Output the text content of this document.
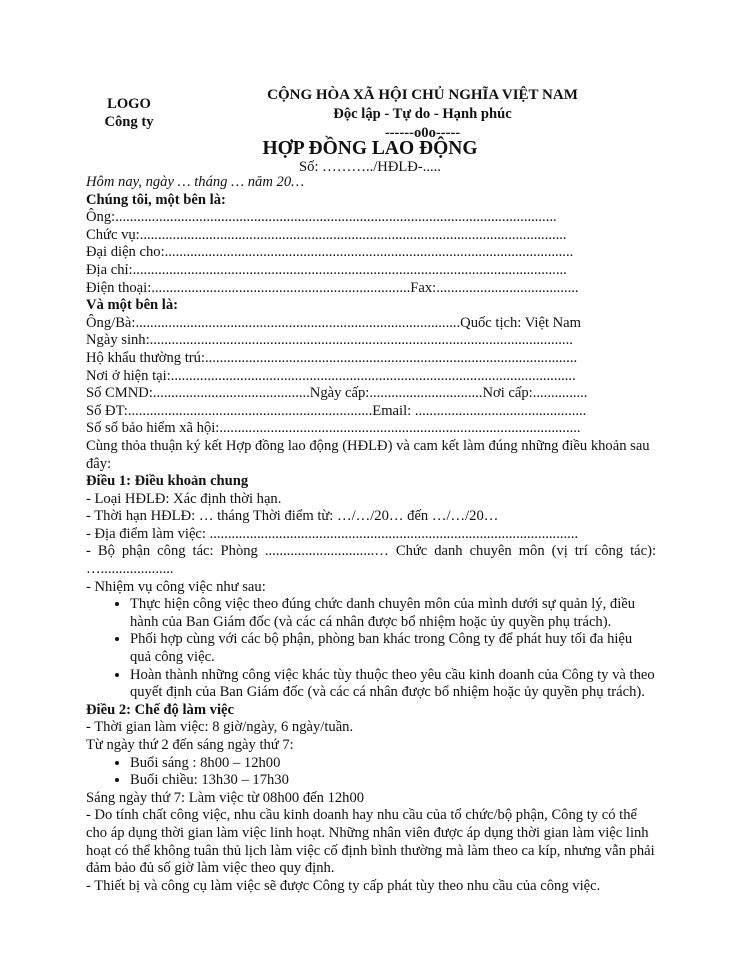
LOGO
Công ty
CỘNG HÒA XÃ HỘI CHỦ NGHĨA VIỆT NAM
Độc lập - Tự do - Hạnh phúc
------o0o-----
HỢP ĐỒNG LAO ĐỘNG
Số: ………../HĐLĐ-.....
Hôm nay, ngày … tháng … năm 20…
Chúng tôi, một bên là:
Ông:.........................................................................................................................
Chức vụ:.....................................................................................................................
Đại diện cho:................................................................................................................
Địa chỉ:.......................................................................................................................
Điện thoại:.......................................................................Fax:.......................................
Và một bên là:
Ông/Bà:.........................................................................................Quốc tịch: Việt Nam
Ngày sinh:....................................................................................................................
Hộ khẩu thường trú:......................................................................................................
Nơi ở hiện tại:...............................................................................................................
Số CMND:...........................................Ngày cấp:...............................Nơi cấp:...............
Số ĐT:...................................................................Email: ...............................................
Số sổ bảo hiểm xã hội:...................................................................................................
Cùng thỏa thuận ký kết Hợp đồng lao động (HĐLĐ) và cam kết làm đúng những điều khoản sau đây:
Điều 1: Điều khoản chung
- Loại HĐLĐ: Xác định thời hạn.
- Thời hạn HĐLĐ: … tháng Thời điểm từ: …/…/20… đến …/…/20…
- Địa điểm làm việc: .....................................................................................................
- Bộ phận công tác: Phòng ..............................… Chức danh chuyên môn (vị trí công tác): …....................
- Nhiệm vụ công việc như sau:
• Thực hiện công việc theo đúng chức danh chuyên môn của mình dưới sự quản lý, điều hành của Ban Giám đốc (và các cá nhân được bổ nhiệm hoặc ủy quyền phụ trách).
• Phối hợp cùng với các bộ phận, phòng ban khác trong Công ty để phát huy tối đa hiệu quả công việc.
• Hoàn thành những công việc khác tùy thuộc theo yêu cầu kinh doanh của Công ty và theo quyết định của Ban Giám đốc (và các cá nhân được bổ nhiệm hoặc ủy quyền phụ trách).
Điều 2: Chế độ làm việc
- Thời gian làm việc: 8 giờ/ngày, 6 ngày/tuần.
Từ ngày thứ 2 đến sáng ngày thứ 7:
• Buổi sáng : 8h00 – 12h00
• Buổi chiều: 13h30 – 17h30
Sáng ngày thứ 7: Làm việc từ 08h00 đến 12h00
- Do tính chất công việc, nhu cầu kinh doanh hay nhu cầu của tổ chức/bộ phận, Công ty có thể cho áp dụng thời gian làm việc linh hoạt. Những nhân viên được áp dụng thời gian làm việc linh hoạt có thể không tuân thủ lịch làm việc cố định bình thường mà làm theo ca kíp, nhưng vẫn phải đảm bảo đủ số giờ làm việc theo quy định.
- Thiết bị và công cụ làm việc sẽ được Công ty cấp phát tùy theo nhu cầu của công việc.
